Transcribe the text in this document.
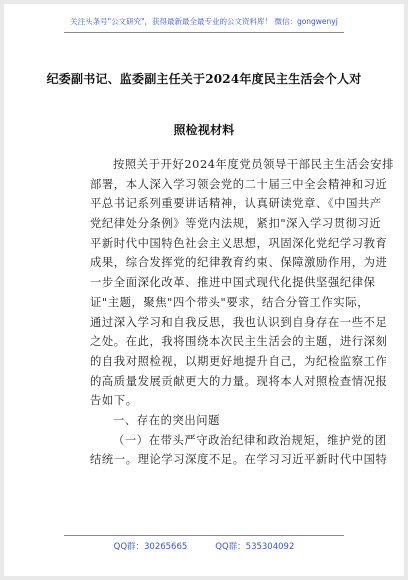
关注头条号"公文研究"，获得最新最全最专业的公文资料库！ 微信：gongwenyj
纪委副书记、监委副主任关于2024年度民主生活会个人对
照检视材料
按照关于开好2024年度党员领导干部民主生活会安排
部署，本人深入学习领会党的二十届三中全会精神和习近
平总书记系列重要讲话精神，认真研读党章、《中国共产
党纪律处分条例》等党内法规，紧扣"深入学习贯彻习近
平新时代中国特色社会主义思想，巩固深化党纪学习教育
成果，综合发挥党的纪律教育约束、保障激励作用，为进
一步全面深化改革、推进中国式现代化提供坚强纪律保
证"主题，聚焦"四个带头"要求，结合分管工作实际，
通过深入学习和自我反思，我也认识到自身存在一些不足
之处。在此，我将围绕本次民主生活会的主题，进行深刻
的自我对照检视，以期更好地提升自己，为纪检监察工作
的高质量发展贡献更大的力量。现将本人对照检查情况报
告如下。
一、存在的突出问题
（一）在带头严守政治纪律和政治规矩，维护党的团
结统一。理论学习深度不足。在学习习近平新时代中国特
QQ群：30265665	QQ群：535304092
